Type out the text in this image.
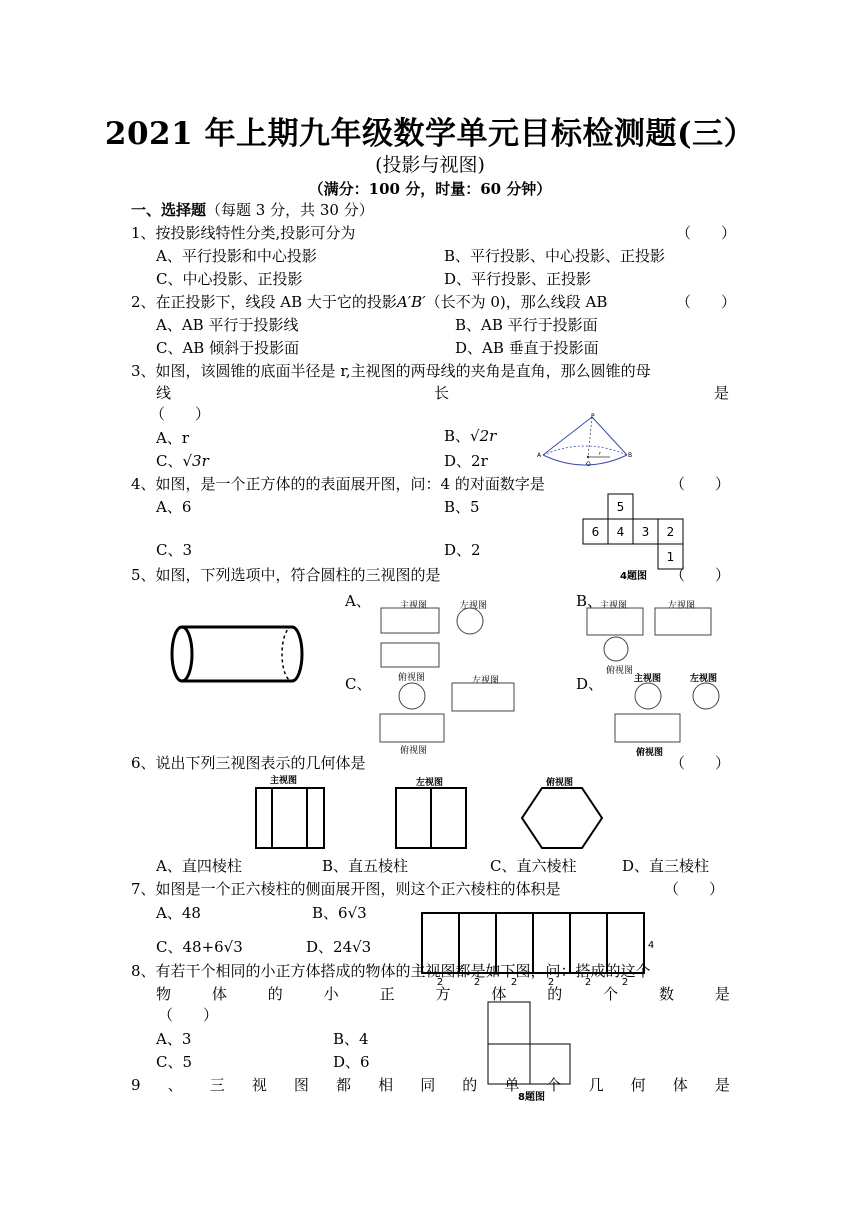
2021 年上期九年级数学单元目标检测题(三）
(投影与视图)
（满分：100 分，时量：60 分钟）
一、选择题（每题 3 分，共 30 分）
1、按投影线特性分类,投影可分为	（　　）
A、平行投影和中心投影	B、平行投影、中心投影、正投影
C、中心投影、正投影	D、平行投影、正投影
2、在正投影下，线段 AB 大于它的投影A′B′（长不为 0)，那么线段 AB	（　　）
A、AB 平行于投影线	B、AB 平行于投影面
C、AB 倾斜于投影面	D、AB 垂直于投影面
3、如图，该圆锥的底面半径是 r,主视图的两母线的夹角是直角，那么圆锥的母
线	长	是
（　　）
A、r	B、√2r
C、√3r	D、2r
P
A	B
O
r
4、如图，是一个正方体的的表面展开图，问：4 的对面数字是	（　　）
A、6	B、5
C、3	D、2
5
6 4 3 2
1
4题图
5、如图，下列选项中，符合圆柱的三视图的是	（　　）
A、	主视图	左视图	B、
主视图	左视图
俯视图
C、	俯视图	左视图
俯视图
D、	主视图	左视图
俯视图
6、说出下列三视图表示的几何体是	（　　）
主视图	左视图	俯视图
A、直四棱柱	B、直五棱柱	C、直六棱柱	D、直三棱柱
7、如图是一个正六棱柱的侧面展开图，则这个正六棱柱的体积是	（　　）
A、48	B、6√3
C、48+6√3	D、24√3	4
2	2	2	2	2	2
8、有若干个相同的小正方体搭成的物体的主视图都是如下图，问：搭成的这个
物	体	的	小	正	方	体	的	个	数	是
（　　）
A、3	B、4
C、5	D、6
8题图
9 、 三 视 图 都 相 同 的 单 个 几 何 体 是
